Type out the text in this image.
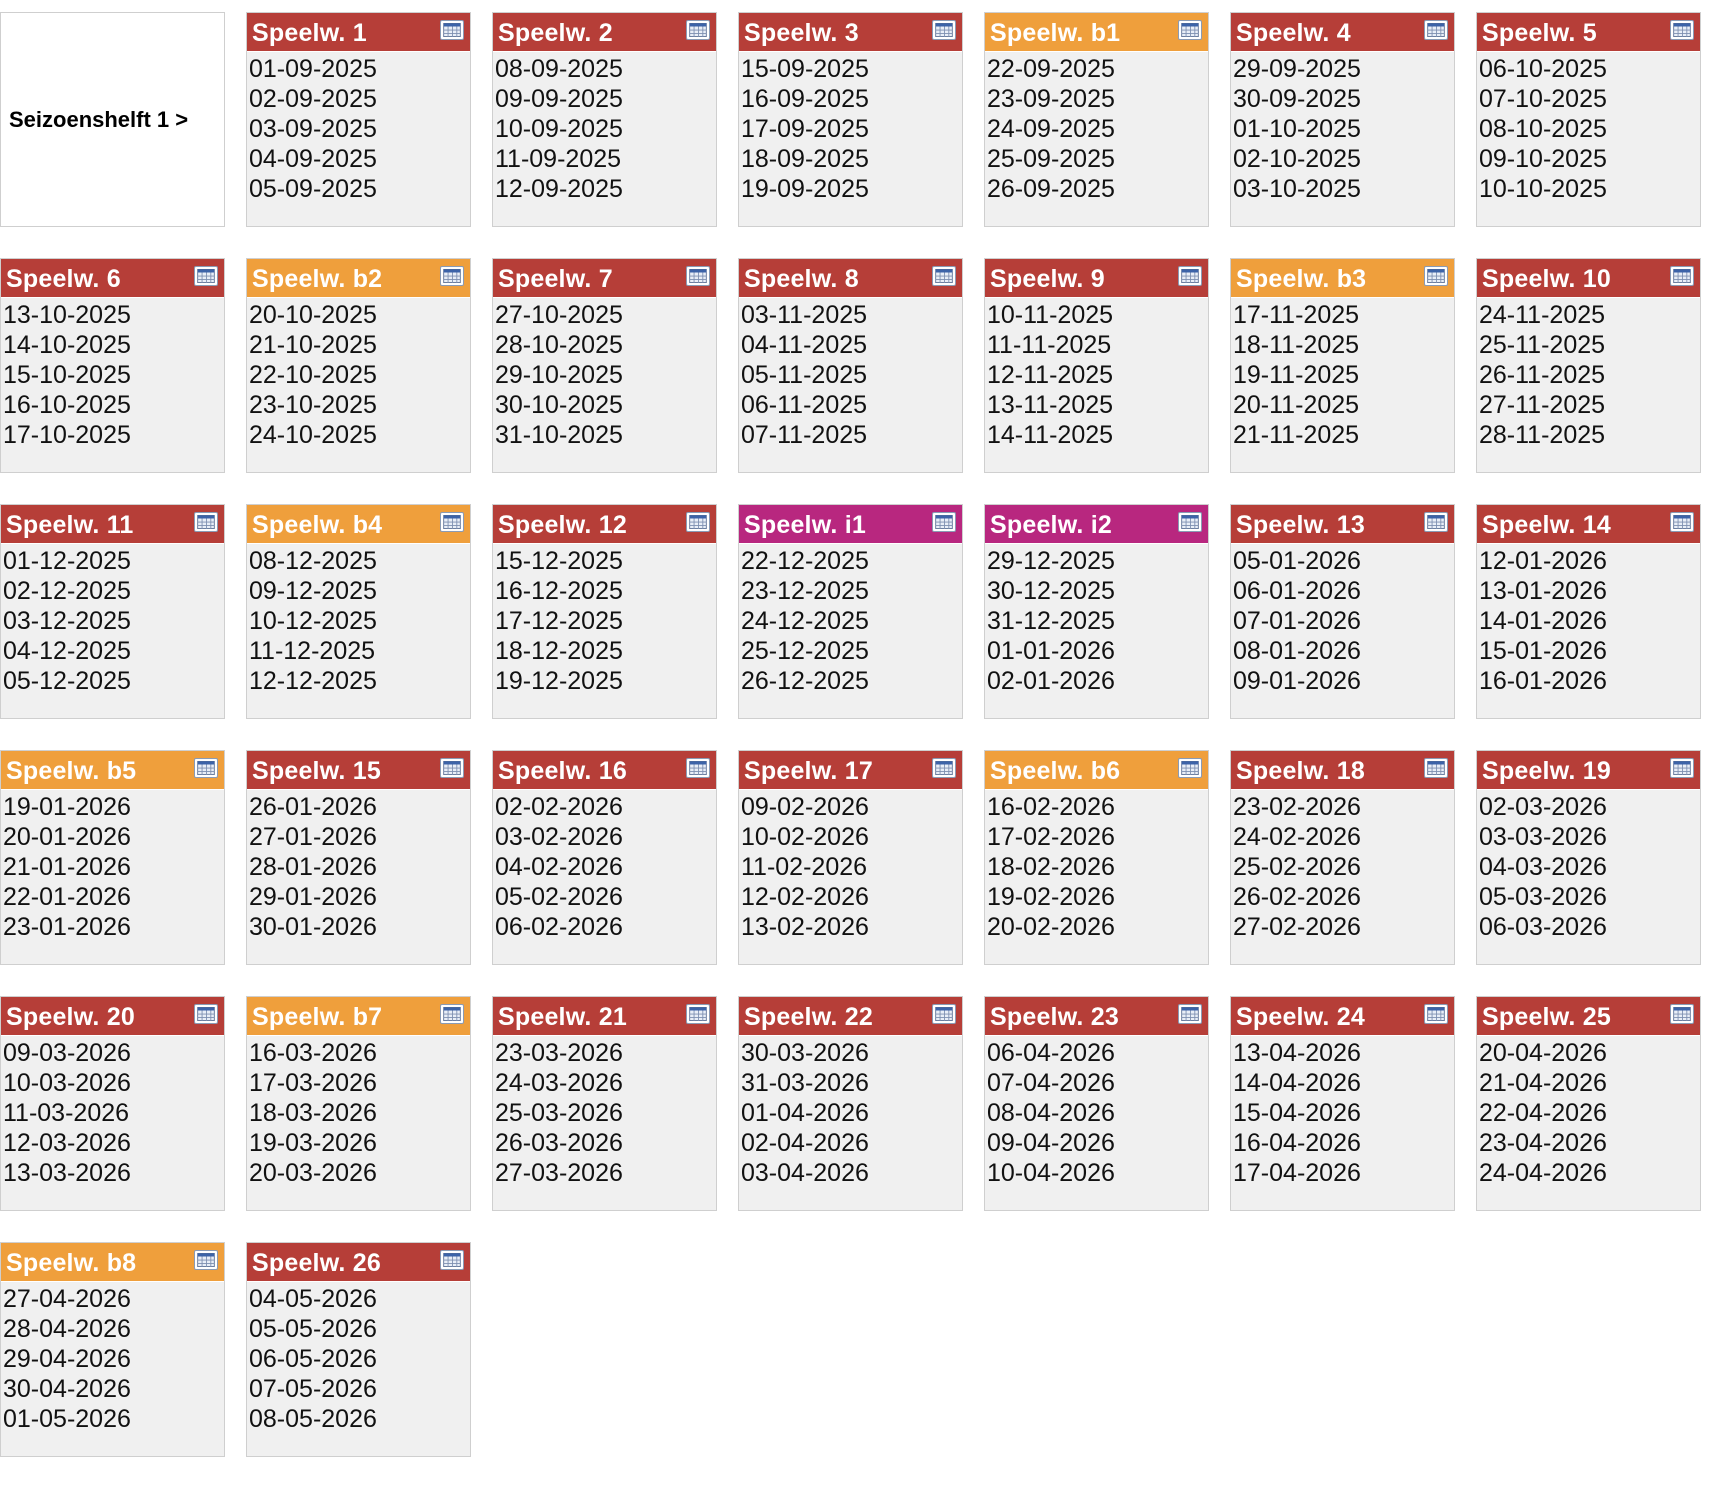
Seizoenshelft 1 >
Speelw. 1
01-09-2025
02-09-2025
03-09-2025
04-09-2025
05-09-2025
Speelw. 2
08-09-2025
09-09-2025
10-09-2025
11-09-2025
12-09-2025
Speelw. 3
15-09-2025
16-09-2025
17-09-2025
18-09-2025
19-09-2025
Speelw. b1
22-09-2025
23-09-2025
24-09-2025
25-09-2025
26-09-2025
Speelw. 4
29-09-2025
30-09-2025
01-10-2025
02-10-2025
03-10-2025
Speelw. 5
06-10-2025
07-10-2025
08-10-2025
09-10-2025
10-10-2025
Speelw. 6
13-10-2025
14-10-2025
15-10-2025
16-10-2025
17-10-2025
Speelw. b2
20-10-2025
21-10-2025
22-10-2025
23-10-2025
24-10-2025
Speelw. 7
27-10-2025
28-10-2025
29-10-2025
30-10-2025
31-10-2025
Speelw. 8
03-11-2025
04-11-2025
05-11-2025
06-11-2025
07-11-2025
Speelw. 9
10-11-2025
11-11-2025
12-11-2025
13-11-2025
14-11-2025
Speelw. b3
17-11-2025
18-11-2025
19-11-2025
20-11-2025
21-11-2025
Speelw. 10
24-11-2025
25-11-2025
26-11-2025
27-11-2025
28-11-2025
Speelw. 11
01-12-2025
02-12-2025
03-12-2025
04-12-2025
05-12-2025
Speelw. b4
08-12-2025
09-12-2025
10-12-2025
11-12-2025
12-12-2025
Speelw. 12
15-12-2025
16-12-2025
17-12-2025
18-12-2025
19-12-2025
Speelw. i1
22-12-2025
23-12-2025
24-12-2025
25-12-2025
26-12-2025
Speelw. i2
29-12-2025
30-12-2025
31-12-2025
01-01-2026
02-01-2026
Speelw. 13
05-01-2026
06-01-2026
07-01-2026
08-01-2026
09-01-2026
Speelw. 14
12-01-2026
13-01-2026
14-01-2026
15-01-2026
16-01-2026
Speelw. b5
19-01-2026
20-01-2026
21-01-2026
22-01-2026
23-01-2026
Speelw. 15
26-01-2026
27-01-2026
28-01-2026
29-01-2026
30-01-2026
Speelw. 16
02-02-2026
03-02-2026
04-02-2026
05-02-2026
06-02-2026
Speelw. 17
09-02-2026
10-02-2026
11-02-2026
12-02-2026
13-02-2026
Speelw. b6
16-02-2026
17-02-2026
18-02-2026
19-02-2026
20-02-2026
Speelw. 18
23-02-2026
24-02-2026
25-02-2026
26-02-2026
27-02-2026
Speelw. 19
02-03-2026
03-03-2026
04-03-2026
05-03-2026
06-03-2026
Speelw. 20
09-03-2026
10-03-2026
11-03-2026
12-03-2026
13-03-2026
Speelw. b7
16-03-2026
17-03-2026
18-03-2026
19-03-2026
20-03-2026
Speelw. 21
23-03-2026
24-03-2026
25-03-2026
26-03-2026
27-03-2026
Speelw. 22
30-03-2026
31-03-2026
01-04-2026
02-04-2026
03-04-2026
Speelw. 23
06-04-2026
07-04-2026
08-04-2026
09-04-2026
10-04-2026
Speelw. 24
13-04-2026
14-04-2026
15-04-2026
16-04-2026
17-04-2026
Speelw. 25
20-04-2026
21-04-2026
22-04-2026
23-04-2026
24-04-2026
Speelw. b8
27-04-2026
28-04-2026
29-04-2026
30-04-2026
01-05-2026
Speelw. 26
04-05-2026
05-05-2026
06-05-2026
07-05-2026
08-05-2026
